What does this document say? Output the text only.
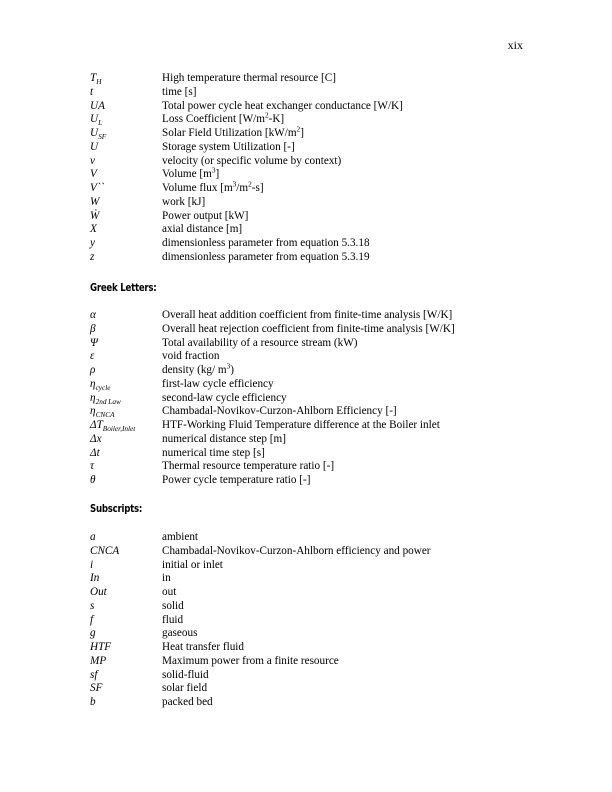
xix
$T_H$	High temperature thermal resource [C]
t	time [s]
UA	Total power cycle heat exchanger conductance [W/K]
$U_L$	Loss Coefficient $[W/m^2-K]$
$U_{SF}$	Solar Field Utilization $[kW/m^2]$
U	Storage system Utilization [-]
v	velocity (or specific volume by context)
V	Volume $[m^3]$
V``	Volume flux $[m^3/m^2-s]$
W	work [kJ]
Ẇ	Power output [kW]
X	axial distance [m]
y	dimensionless parameter from equation 5.3.18
z	dimensionless parameter from equation 5.3.19
Greek Letters:
α	Overall heat addition coefficient from finite-time analysis [W/K]
β	Overall heat rejection coefficient from finite-time analysis [W/K]
Ψ	Total availability of a resource stream (kW)
ε	void fraction
ρ	density (kg/ $m^3$)
$\eta_{cycle}$	first-law cycle efficiency
$\eta_{2nd Law}$	second-law cycle efficiency
$\eta_{CNCA}$	Chambadal-Novikov-Curzon-Ahlborn Efficiency [-]
$\Delta T_{Boiler,Inlet}$ HTF-Working Fluid Temperature difference at the Boiler inlet
Δx	numerical distance step [m]
Δt	numerical time step [s]
τ	Thermal resource temperature ratio [-]
θ	Power cycle temperature ratio [-]
Subscripts:
a	ambient
CNCA	Chambadal-Novikov-Curzon-Ahlborn efficiency and power
i	initial or inlet
In	in
Out	out
s	solid
f	fluid
g	gaseous
HTF	Heat transfer fluid
MP	Maximum power from a finite resource
sf	solid-fluid
SF	solar field
b	packed bed
